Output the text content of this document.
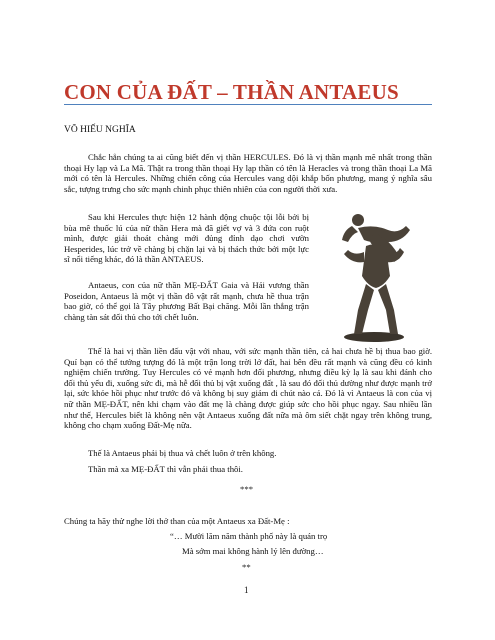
CON CỦA ĐẤT – THẦN ANTAEUS
VÕ HIẾU NGHĨA

Chắc hẳn chúng ta ai cũng biết đến vị thần HERCULES. Đó là vị thần mạnh mẽ nhất trong thần thoại Hy lạp và La Mã. Thật ra trong thần thoại Hy lạp thần có tên là Heracles và trong thần thoại La Mã mới có tên là Hercules. Những chiến công của Hercules vang dội khắp bốn phương, mang ý nghĩa sâu sắc, tượng trưng cho sức mạnh chinh phục thiên nhiên của con người thời xưa.

Sau khi Hercules thực hiện 12 hành động chuộc tội lỗi bởi bị bùa mê thuốc lú của nữ thần Hera mà đã giết vợ và 3 đứa con ruột mình, được giải thoát chàng mới đủng đỉnh dạo chơi vườn Hesperides, lúc trở về chàng bị chặn lại và bị thách thức bởi một lực sĩ nổi tiếng khác, đó là thần ANTAEUS.

Antaeus, con của nữ thần MẸ-ĐẤT Gaia và Hải vương thần Poseidon, Antaeus là một vị thần đô vật rất mạnh, chưa hề thua trận bao giờ, có thể gọi là Tây phương Bất Bại chăng. Mỗi lần thắng trận chàng tàn sát đối thủ cho tới chết luôn.

Thế là hai vị thần liền đấu vật với nhau, với sức mạnh thần tiên, cả hai chưa hề bị thua bao giờ. Quí bạn có thể tưởng tượng đó là một trận long trời lở đất, hai bên đều rất mạnh và cũng đều có kinh nghiệm chiến trường. Tuy Hercules có vẻ mạnh hơn đối phương, nhưng điều kỳ lạ là sau khi đánh cho đối thủ yếu đi, xuống sức đi, mà hễ đối thủ bị vật xuống đất , là sau đó đối thủ dường như được mạnh trở lại, sức khỏe hồi phục như trước đó và không bị suy giảm đi chút nào cả. Đó là vì Antaeus là con của vị nữ thần MẸ-ĐẤT, nên khi chạm vào đất mẹ là chàng được giúp sức cho hồi phục ngay. Sau nhiều lần như thế, Hercules biết là không nên vật Antaeus xuống đất nữa mà ôm siết chặt ngay trên không trung, không cho chạm xuống Đất-Mẹ nữa.

Thế là Antaeus phải bị thua và chết luôn ở trên không.

Thần mà xa MẸ-ĐẤT thì vẫn phải thua thôi.

***
Chúng ta hãy thử nghe lời thở than của một Antaeus xa Đất-Mẹ :
“… Mười lăm năm thành phố này là quán trọ
Mà sớm mai không hành lý lên đường…
**
1
